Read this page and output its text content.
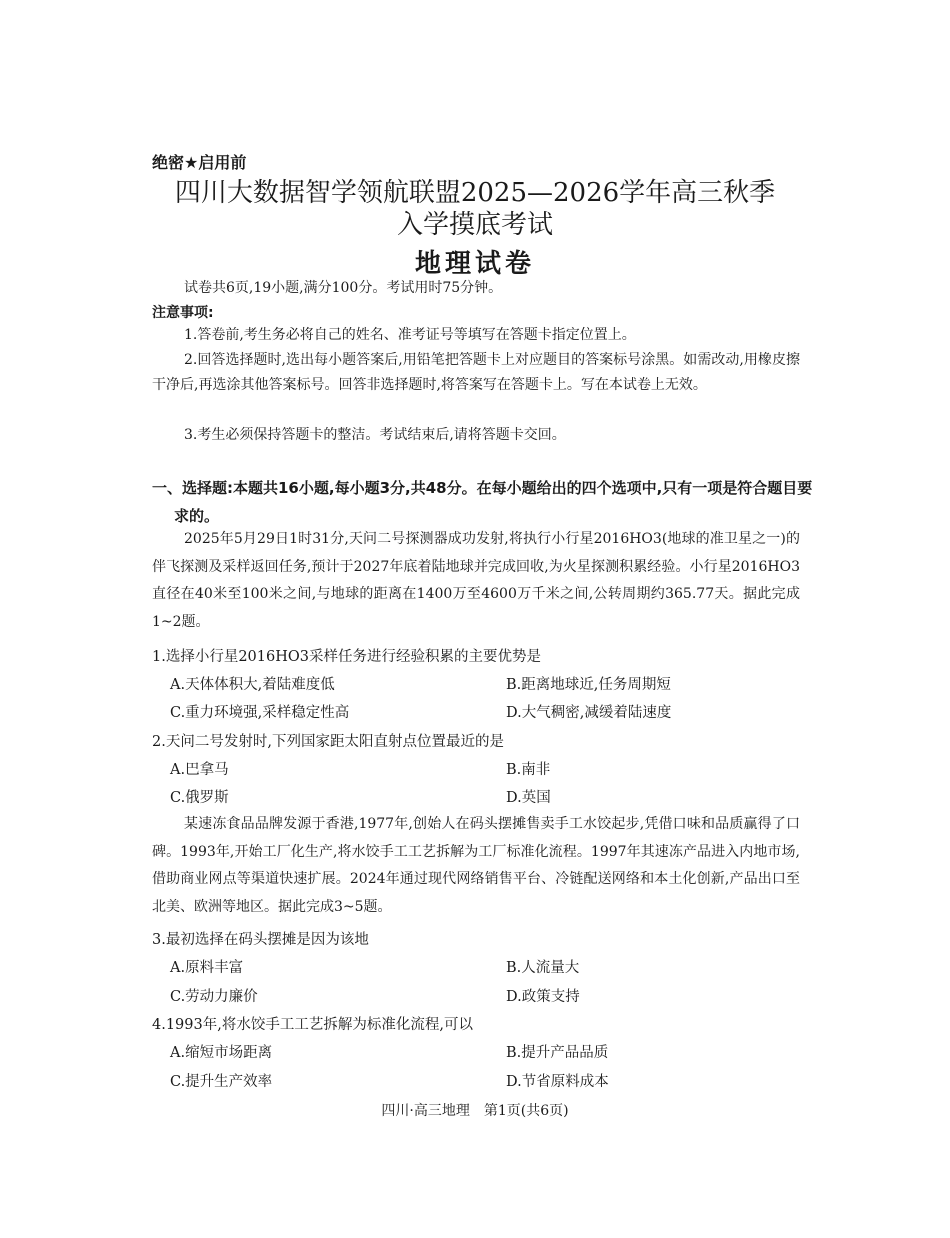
绝密★启用前
四川大数据智学领航联盟2025—2026学年高三秋季
入学摸底考试
地理试卷
试卷共6页,19小题,满分100分。考试用时75分钟。
注意事项:
1.答卷前,考生务必将自己的姓名、准考证号等填写在答题卡指定位置上。
2.回答选择题时,选出每小题答案后,用铅笔把答题卡上对应题目的答案标号涂黑。如需改动,用橡皮擦干净后,再选涂其他答案标号。回答非选择题时,将答案写在答题卡上。写在本试卷上无效。
3.考生必须保持答题卡的整洁。考试结束后,请将答题卡交回。
一、选择题:本题共16小题,每小题3分,共48分。在每小题给出的四个选项中,只有一项是符合题目要求的。
2025年5月29日1时31分,天问二号探测器成功发射,将执行小行星2016HO3(地球的准卫星之一)的伴飞探测及采样返回任务,预计于2027年底着陆地球并完成回收,为火星探测积累经验。小行星2016HO3直径在40米至100米之间,与地球的距离在1400万至4600万千米之间,公转周期约365.77天。据此完成1~2题。
1.选择小行星2016HO3采样任务进行经验积累的主要优势是
A.天体体积大,着陆难度低	B.距离地球近,任务周期短
C.重力环境强,采样稳定性高	D.大气稠密,减缓着陆速度
2.天问二号发射时,下列国家距太阳直射点位置最近的是
A.巴拿马	B.南非
C.俄罗斯	D.英国
某速冻食品品牌发源于香港,1977年,创始人在码头摆摊售卖手工水饺起步,凭借口味和品质赢得了口碑。1993年,开始工厂化生产,将水饺手工工艺拆解为工厂标准化流程。1997年其速冻产品进入内地市场,借助商业网点等渠道快速扩展。2024年通过现代网络销售平台、冷链配送网络和本土化创新,产品出口至北美、欧洲等地区。据此完成3~5题。
3.最初选择在码头摆摊是因为该地
A.原料丰富	B.人流量大
C.劳动力廉价	D.政策支持
4.1993年,将水饺手工工艺拆解为标准化流程,可以
A.缩短市场距离	B.提升产品品质
C.提升生产效率	D.节省原料成本
四川·高三地理　第1页(共6页)
